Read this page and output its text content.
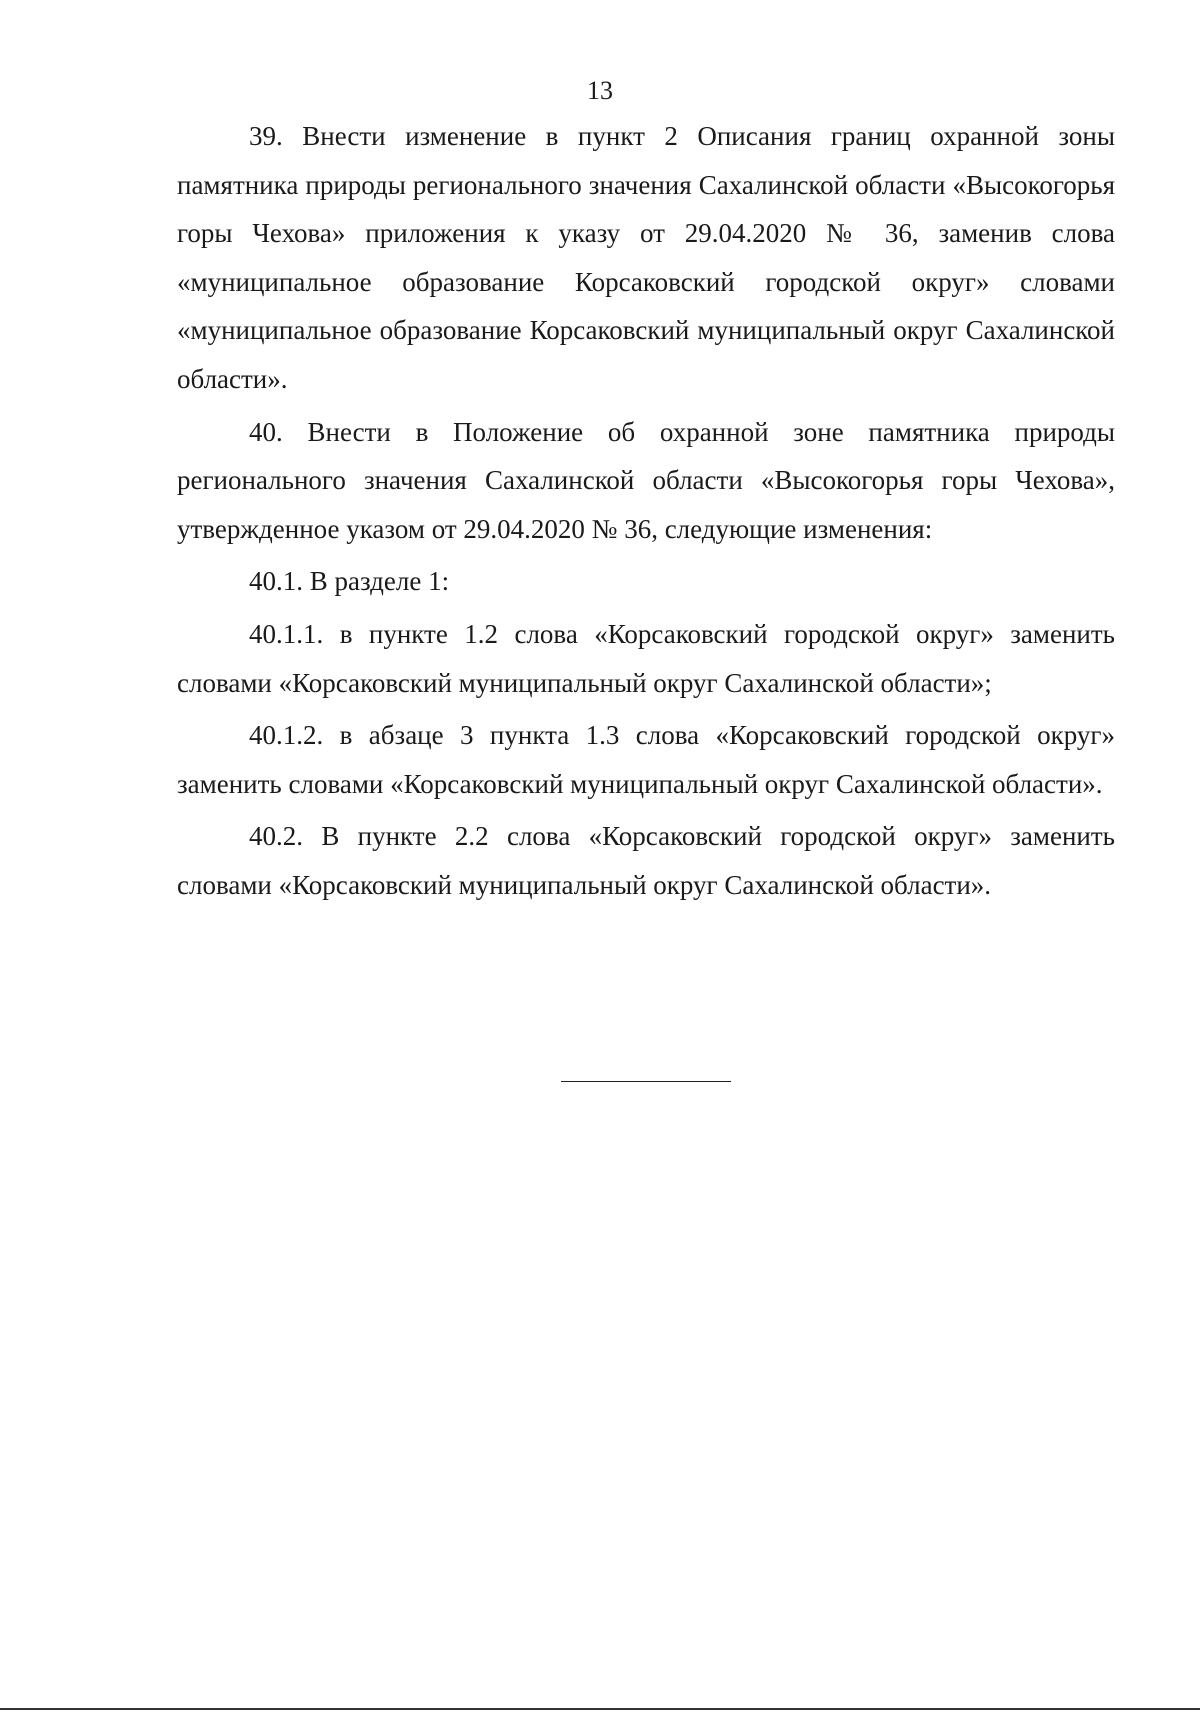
13

39. Внести изменение в пункт 2 Описания границ охранной зоны памятника природы регионального значения Сахалинской области «Высокогорья горы Чехова» приложения к указу от 29.04.2020 № 36, заменив слова «муниципальное образование Корсаковский городской округ» словами «муниципальное образование Корсаковский муниципальный округ Сахалинской области».

40. Внести в Положение об охранной зоне памятника природы регионального значения Сахалинской области «Высокогорья горы Чехова», утвержденное указом от 29.04.2020 № 36, следующие изменения:

40.1. В разделе 1:

40.1.1. в пункте 1.2 слова «Корсаковский городской округ» заменить словами «Корсаковский муниципальный округ Сахалинской области»;

40.1.2. в абзаце 3 пункта 1.3 слова «Корсаковский городской округ» заменить словами «Корсаковский муниципальный округ Сахалинской области».

40.2. В пункте 2.2 слова «Корсаковский городской округ» заменить словами «Корсаковский муниципальный округ Сахалинской области».
